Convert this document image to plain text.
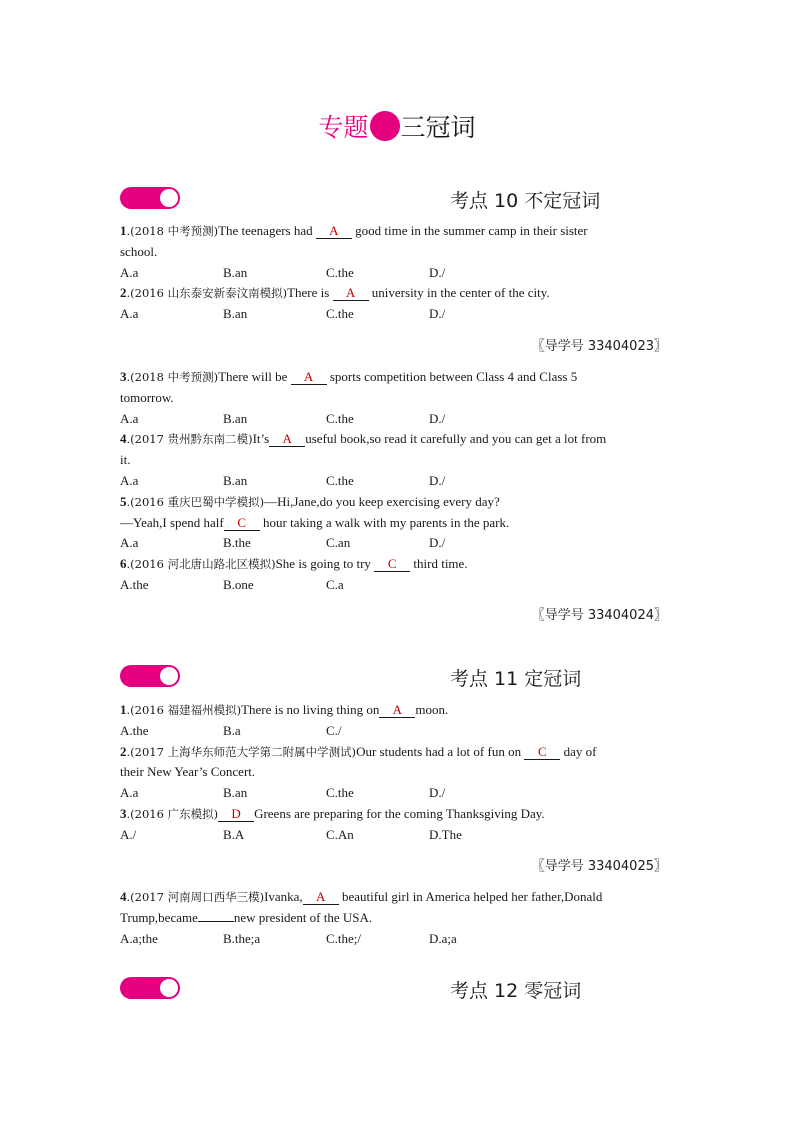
专题 三冠词
考点 10 不定冠词
1.(2018 中考预测)The teenagers had A good time in the summer camp in their sister
school.
A.a	B.an	C.the	D./
2.(2016 山东泰安新泰汶南模拟)There is A university in the center of the city.
A.a	B.an	C.the	D./
〖导学号 33404023〗
3.(2018 中考预测)There will be A sports competition between Class 4 and Class 5
tomorrow.
A.a	B.an	C.the	D./
4.(2017 贵州黔东南二模)It’s A useful book,so read it carefully and you can get a lot from
it.
A.a	B.an	C.the	D./
5.(2016 重庆巴蜀中学模拟)—Hi,Jane,do you keep exercising every day?
—Yeah,I spend half C hour taking a walk with my parents in the park.
A.a	B.the	C.an	D./
6.(2016 河北唐山路北区模拟)She is going to try C third time.
A.the	B.one	C.a
〖导学号 33404024〗
考点 11 定冠词
1.(2016 福建福州模拟)There is no living thing on A moon.
A.the	B.a	C./
2.(2017 上海华东师范大学第二附属中学测试)Our students had a lot of fun on C day of
their New Year’s Concert.
A.a	B.an	C.the	D./
3.(2016 广东模拟) D Greens are preparing for the coming Thanksgiving Day.
A./	B.A	C.An	D.The
〖导学号 33404025〗
4.(2017 河南周口西华三模)Ivanka, A beautiful girl in America helped her father,Donald
Trump,became	new president of the USA.
A.a;the	B.the;a	C.the;/	D.a;a
考点 12 零冠词
